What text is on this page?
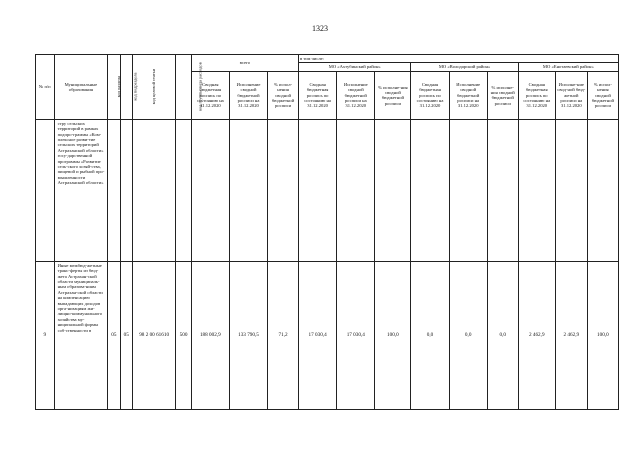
1323
№ п/п	Муниципальные образования	код раздела	код подраздела	код целевой статьи	код группы вида расходов	всего			в том числе:								
									МО «Ахтубинский район»			МО «Володарский район»			МО «Енотаевский район»		
						Сводная бюджетная роспись по состоянию на 31.12.2020	Исполнение сводной бюджетной росписи на 31.12.2020	% испол-нения сводной бюджетной росписи	Сводная бюджетная роспись по состоянию на 31.12.2020	Исполнение сводной бюджетной росписи на 31.12.2020	% исполне-ния сводной бюджетной росписи	Сводная бюджетная роспись по состоянию на 31.12.2020	Исполнение сводной бюджетной росписи на 31.12.2020	% исполне-ния сводной бюджетной росписи	Сводная бюджетная роспись по состоянию на 31.12.2020	Исполне-ние свод-ной бюд-жетной росписи на 31.12.2020	% испол-нения сводной бюджетной росписи
	стру сельских территорий в рамках подпро-граммы «Ком-плексное разви-тие сельских территорий Астраханской области» госу-дарственной программы «Развитие сель-ского хозяй-ства, пищевой и рыбной про-мышленности Астраханской области»																
9	Иные межбюд-жетные транс-ферты из бюд-жета Астрахан-ской области муниципаль-ным образова-ниям Астрахан-ской области на компенсацию выпадающих доходов орга-низациям жи-лищно-коммунального хозяйства му-ниципальной формы соб-ственности в	05	05	98 2 00 61610	500	188 002,9	133 790,5	71,2	17 030,4	17 030,4	100,0	0,0	0,0	0,0	2 462,9	2 462,9	100,0
